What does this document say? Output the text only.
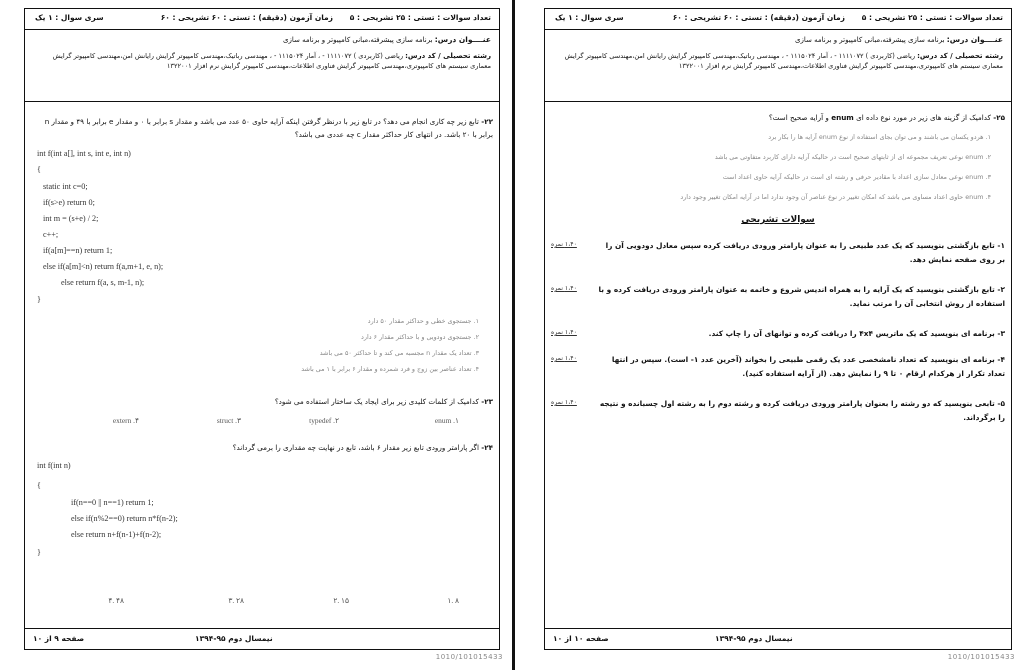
تعداد سوالات : تستی : ۲۵ تشریحی : ۵
زمان آزمون (دقیقه) : تستی : ۶۰ تشریحی : ۶۰
سری سوال : ۱ یک
عنــــوان درس: برنامه سازی پیشرفته،مبانی کامپیوتر و برنامه سازی
رشته تحصیلی / کد درس: ریاضی (کاربردی ) ۱۱۱۱۰۷۲ - ، آمار ۱۱۱۵۰۲۴ - ، مهندسی رباتیک،مهندسی کامپیوتر گرایش رایانش امن،مهندسی کامپیوتر گرایش معماری سیستم های کامپیوتری،مهندسی کامپیوتر گرایش فناوری اطلاعات،مهندسی کامپیوتر گرایش نرم افزار ۱۳۲۲۰۰۱
۲۲- تابع زیر چه کاری انجام می دهد؟ در تابع زیر با درنظر گرفتن اینکه آرایه حاوی ۵۰ عدد می باشد و مقدار s برابر با ۰ و مقدار e برابر با ۴۹ و مقدار n برابر با ۲۰ باشد. در انتهای کار حداکثر مقدار c چه عددی می باشد؟
int f(int a[], int s, int e, int n)
{
static int c=0;
if(s>e) return 0;
int m = (s+e) / 2;
c++;
if(a[m]==n) return 1;
else if(a[m]<n) return f(a,m+1, e, n);
else return f(a, s, m-1, n);
}
۱. جستجوی خطی و حداکثر مقدار ۵۰ دارد
۲. جستجوی دودویی و با حداکثر مقدار ۶ دارد
۳. تعداد یک مقدار n مجسبه می کند و تا حداکثر ۵۰ می باشد
۴. تعداد عناصر بین زوج و فرد شمرده و مقدار ۶ برابر با ۱ می باشد
۲۳- کدامیک از کلمات کلیدی زیر برای ایجاد یک ساختار استفاده می شود؟
enum .۱
typedef .۲
struct .۳
extern .۴
۲۴- اگر پارامتر ورودی تابع زیر مقدار ۶ باشد، تابع در نهایت چه مقداری را برمی گرداند؟
int f(int n)
{
if(n==0 || n==1) return 1;
else if(n%2==0) return n*f(n-2);
else return n+f(n-1)+f(n-2);
}
۸ .۱
۱۵ .۲
۲۸ .۳
۴۸ .۴
صفحه ۹ از ۱۰	نیمسال دوم ۹۵-۱۳۹۴
1010/101015433
تعداد سوالات : تستی : ۲۵ تشریحی : ۵
زمان آزمون (دقیقه) : تستی : ۶۰ تشریحی : ۶۰
سری سوال : ۱ یک
عنــــوان درس: برنامه سازی پیشرفته،مبانی کامپیوتر و برنامه سازی
رشته تحصیلی / کد درس: ریاضی (کاربردی ) ۱۱۱۱۰۷۲ - ، آمار ۱۱۱۵۰۲۴ - ، مهندسی رباتیک،مهندسی کامپیوتر گرایش رایانش امن،مهندسی کامپیوتر گرایش معماری سیستم های کامپیوتری،مهندسی کامپیوتر گرایش فناوری اطلاعات،مهندسی کامپیوتر گرایش نرم افزار ۱۳۲۲۰۰۱
۲۵- کدامیک از گزینه های زیر در مورد نوع داده ای enum و آرایه صحیح است؟
۱. هردو یکسان می باشند و می توان بجای استفاده از نوع enum آرایه ها را بکار برد
۲. enum نوعی تعریف مجموعه ای از ثابتهای صحیح است در حالیکه آرایه دارای کاربرد متفاوتی می باشد
۳. enum نوعی معادل سازی اعداد با مقادیر حرفی و رشته ای است در حالیکه آرایه حاوی اعداد است
۴. enum حاوی اعداد مساوی می باشد که امکان تغییر در نوع عناصر آن وجود ندارد اما در آرایه امکان تغییر وجود دارد
سوالات تشریحی
۱- تابع بازگشتی بنویسید که یک عدد طبیعی را به عنوان پارامتر ورودی دریافت کرده سپس معادل دودویی آن را بر روی صفحه نمایش دهد.
۱،۴۰ نمره
۲- تابع بازگشتی بنویسید که یک آرایه را به همراه اندیس شروع و خاتمه به عنوان پارامتر ورودی دریافت کرده و با استفاده از روش انتخابی آن را مرتب نماید.
۱،۴۰ نمره
۳- برنامه ای بنویسید که یک ماتریس ۴x۴ را دریافت کرده و توانهای آن را چاپ کند.
۱،۴۰ نمره
۴- برنامه ای بنویسید که تعداد نامشخصی عدد یک رقمی طبیعی را بخواند (آخرین عدد ۱- است). سپس در انتها تعداد تکرار از هرکدام ارقام ۰ تا ۹ را نمایش دهد. (از آرایه استفاده کنید).
۱،۴۰ نمره
۵- تابعی بنویسید که دو رشته را بعنوان پارامتر ورودی دریافت کرده و رشته دوم را به رشته اول چسبانده و نتیجه را برگرداند.
۱،۴۰ نمره
صفحه ۱۰ از ۱۰	نیمسال دوم ۹۵-۱۳۹۴
1010/101015433
